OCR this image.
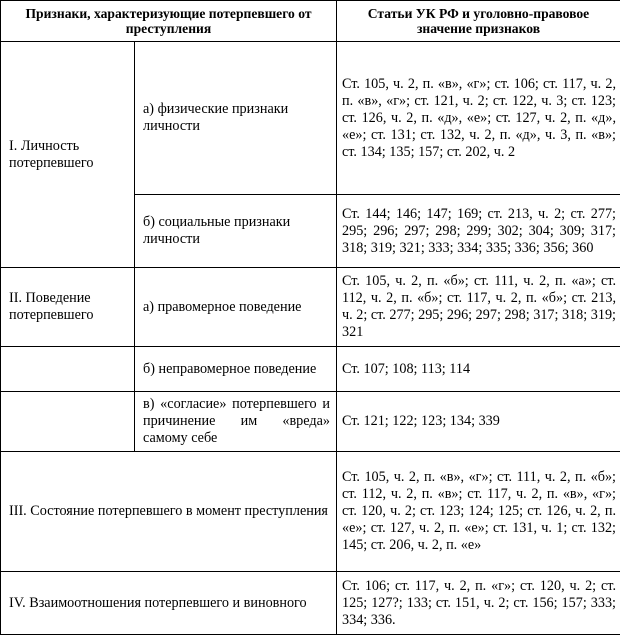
Признаки, характеризующие потерпевшего от преступления		Статьи УК РФ и уголовно-правовое значение признаков
I. Личность потерпевшего	а) физические признаки личности	Ст. 105, ч. 2, п. «в», «г»; ст. 106; ст. 117, ч. 2, п. «в», «г»; ст. 121, ч. 2; ст. 122, ч. 3; ст. 123; ст. 126, ч. 2, п. «д», «е»; ст. 127, ч. 2, п. «д», «е»; ст. 131; ст. 132, ч. 2, п. «д», ч. 3, п. «в»; ст. 134; 135; 157; ст. 202, ч. 2
	б) социальные признаки личности	Ст. 144; 146; 147; 169; ст. 213, ч. 2; ст. 277; 295; 296; 297; 298; 299; 302; 304; 309; 317; 318; 319; 321; 333; 334; 335; 336; 356; 360
II. Поведение потерпевшего	а) правомерное поведение	Ст. 105, ч. 2, п. «б»; ст. 111, ч. 2, п. «а»; ст. 112, ч. 2, п. «б»; ст. 117, ч. 2, п. «б»; ст. 213, ч. 2; ст. 277; 295; 296; 297; 298; 317; 318; 319; 321
	б) неправомерное поведение	Ст. 107; 108; 113; 114
	в) «согласие» потерпевшего и причинение им «вреда» самому себе	Ст. 121; 122; 123; 134; 339
III. Состояние потерпевшего в момент преступления		Ст. 105, ч. 2, п. «в», «г»; ст. 111, ч. 2, п. «б»; ст. 112, ч. 2, п. «в»; ст. 117, ч. 2, п. «в», «г»; ст. 120, ч. 2; ст. 123; 124; 125; ст. 126, ч. 2, п. «е»; ст. 127, ч. 2, п. «е»; ст. 131, ч. 1; ст. 132; 145; ст. 206, ч. 2, п. «е»
IV. Взаимоотношения потерпевшего и виновного		Ст. 106; ст. 117, ч. 2, п. «г»; ст. 120, ч. 2; ст. 125; 127?; 133; ст. 151, ч. 2; ст. 156; 157; 333; 334; 336.
